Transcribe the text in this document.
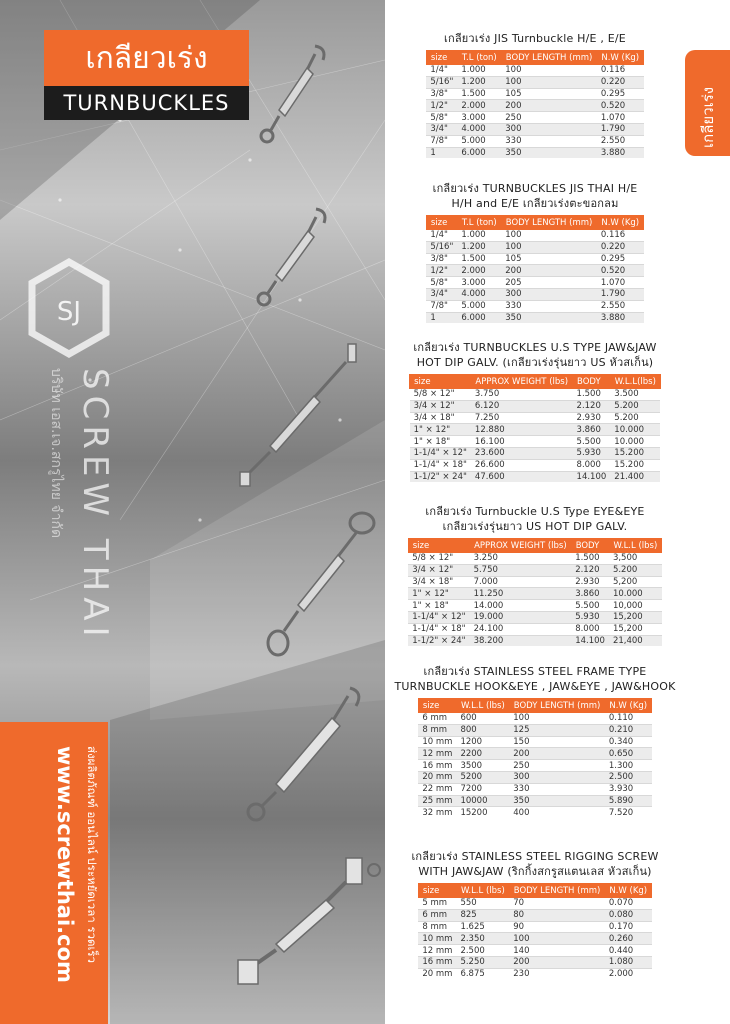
เกลียวเร่ง
TURNBUCKLES
SJ
SCREW THAI
บริษัท เอส.เจ.สกรูไทย จำกัด
www.screwthai.com ส่งผลิตภัณฑ์ ออนไลน์ ประหยัดเวลา รวดเร็ว
เกลียวเร่ง
เกลียวเร่ง JIS Turnbuckle H/E , E/E
size	T.L (ton)	BODY LENGTH (mm)	N.W (Kg)
1/4"	1.000	100	0.116
5/16"	1.200	100	0.220
3/8"	1.500	105	0.295
1/2"	2.000	200	0.520
5/8"	3.000	250	1.070
3/4"	4.000	300	1.790
7/8"	5.000	330	2.550
1	6.000	350	3.880
เกลียวเร่ง TURNBUCKLES JIS THAI H/E
H/H and E/E เกลียวเร่งตะขอกลม
size	T.L (ton)	BODY LENGTH (mm)	N.W (Kg)
1/4"	1.000	100	0.116
5/16"	1.200	100	0.220
3/8"	1.500	105	0.295
1/2"	2.000	200	0.520
5/8"	3.000	205	1.070
3/4"	4.000	300	1.790
7/8"	5.000	330	2.550
1	6.000	350	3.880
เกลียวเร่ง TURNBUCKLES U.S TYPE JAW&JAW
HOT DIP GALV. (เกลียวเร่งรุ่นยาว US หัวสเก็น)
size	APPROX WEIGHT (lbs)	BODY	W.L.L(lbs)
5/8 × 12"	3.750	1.500	3.500
3/4 × 12"	6.120	2.120	5.200
3/4 × 18"	7.250	2.930	5.200
1" × 12"	12.880	3.860	10.000
1" × 18"	16.100	5.500	10.000
1-1/4" × 12"	23.600	5.930	15.200
1-1/4" × 18"	26.600	8.000	15.200
1-1/2" × 24"	47.600	14.100	21.400
เกลียวเร่ง Turnbuckle U.S Type EYE&EYE
เกลียวเร่งรุ่นยาว US HOT DIP GALV.
size	APPROX WEIGHT (lbs)	BODY	W.L.L (lbs)
5/8 × 12"	3.250	1.500	3,500
3/4 × 12"	5.750	2.120	5.200
3/4 × 18"	7.000	2.930	5,200
1" × 12"	11.250	3.860	10.000
1" × 18"	14.000	5.500	10,000
1-1/4" × 12"	19.000	5.930	15,200
1-1/4" × 18"	24.100	8.000	15,200
1-1/2" × 24"	38.200	14.100	21,400
เกลียวเร่ง STAINLESS STEEL FRAME TYPE
TURNBUCKLE HOOK&EYE , JAW&EYE , JAW&HOOK
size	W.L.L (lbs)	BODY LENGTH (mm)	N.W (Kg)
6 mm	600	100	0.110
8 mm	800	125	0.210
10 mm	1200	150	0.340
12 mm	2200	200	0.650
16 mm	3500	250	1.300
20 mm	5200	300	2.500
22 mm	7200	330	3.930
25 mm	10000	350	5.890
32 mm	15200	400	7.520
เกลียวเร่ง STAINLESS STEEL RIGGING SCREW
WITH JAW&JAW (ริกกิ้งสกรูสแตนเลส หัวสเก็น)
size	W.L.L (lbs)	BODY LENGTH (mm)	N.W (Kg)
5 mm	550	70	0.070
6 mm	825	80	0.080
8 mm	1.625	90	0.170
10 mm	2.350	100	0.260
12 mm	2.500	140	0.440
16 mm	5.250	200	1.080
20 mm	6.875	230	2.000
